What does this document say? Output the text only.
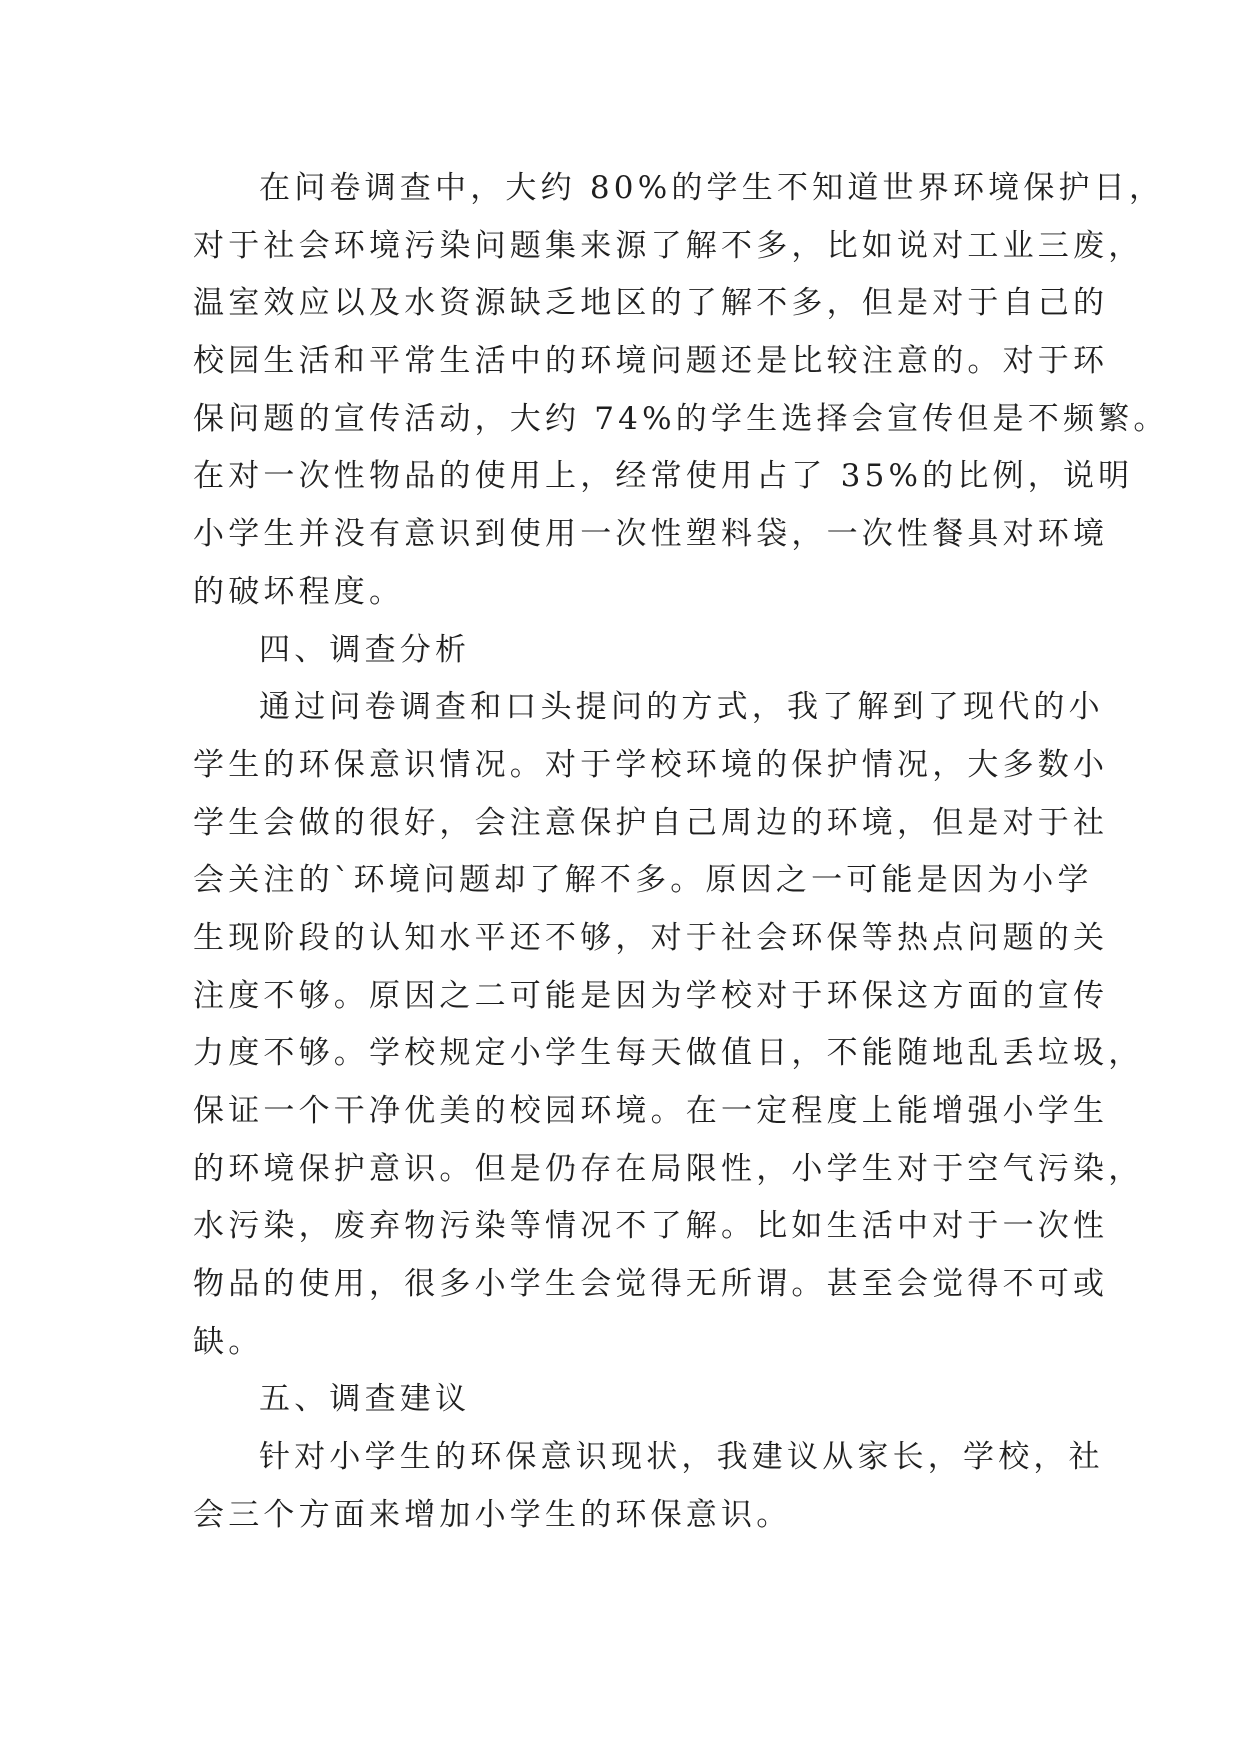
在问卷调查中，大约 80%的学生不知道世界环境保护日，
对于社会环境污染问题集来源了解不多，比如说对工业三废，
温室效应以及水资源缺乏地区的了解不多，但是对于自己的
校园生活和平常生活中的环境问题还是比较注意的。对于环
保问题的宣传活动，大约 74%的学生选择会宣传但是不频繁。
在对一次性物品的使用上，经常使用占了 35%的比例，说明
小学生并没有意识到使用一次性塑料袋，一次性餐具对环境
的破坏程度。
四、调查分析
通过问卷调查和口头提问的方式，我了解到了现代的小
学生的环保意识情况。对于学校环境的保护情况，大多数小
学生会做的很好，会注意保护自己周边的环境，但是对于社
会关注的`环境问题却了解不多。原因之一可能是因为小学
生现阶段的认知水平还不够，对于社会环保等热点问题的关
注度不够。原因之二可能是因为学校对于环保这方面的宣传
力度不够。学校规定小学生每天做值日，不能随地乱丢垃圾，
保证一个干净优美的校园环境。在一定程度上能增强小学生
的环境保护意识。但是仍存在局限性，小学生对于空气污染，
水污染，废弃物污染等情况不了解。比如生活中对于一次性
物品的使用，很多小学生会觉得无所谓。甚至会觉得不可或
缺。
五、调查建议
针对小学生的环保意识现状，我建议从家长，学校，社
会三个方面来增加小学生的环保意识。
